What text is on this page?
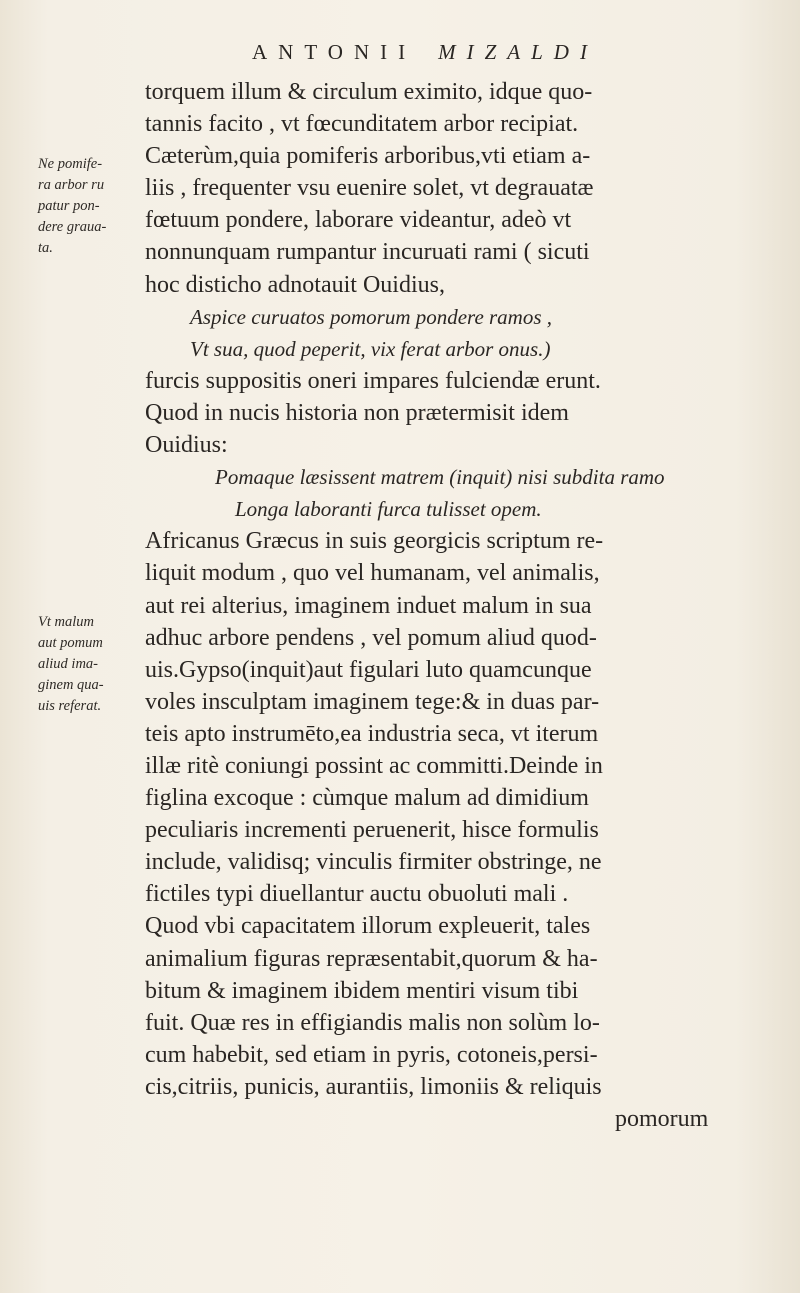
ANTONII MIZALDI
Ne pomife-
ra arbor ru
patur pon-
dere graua-
ta.
Vt malum
aut pomum
aliud ima-
ginem qua-
uis referat.
torquem illum & circulum eximito, idque quo-
tannis facito , vt fœcunditatem arbor recipiat.
Cæterùm,quia pomiferis arboribus,vti etiam a-
liis , frequenter vsu euenire solet, vt degrauatæ
fœtuum pondere, laborare videantur, adeò vt
nonnunquam rumpantur incuruati rami ( sicuti
hoc disticho adnotauit Ouidius,
Aspice curuatos pomorum pondere ramos ,
Vt sua, quod peperit, vix ferat arbor onus.)
furcis suppositis oneri impares fulciendæ erunt.
Quod in nucis historia non prætermisit idem
Ouidius:
Pomaque læsissent matrem (inquit) nisi subdita ramo
Longa laboranti furca tulisset opem.
Africanus Græcus in suis georgicis scriptum re-
liquit modum , quo vel humanam, vel animalis,
aut rei alterius, imaginem induet malum in sua
adhuc arbore pendens , vel pomum aliud quod-
uis.Gypso(inquit)aut figulari luto quamcunque
voles insculptam imaginem tege:& in duas par-
teis apto instrumēto,ea industria seca, vt iterum
illæ ritè coniungi possint ac committi.Deinde in
figlina excoque : cùmque malum ad dimidium
peculiaris incrementi peruenerit, hisce formulis
include, validisq; vinculis firmiter obstringe, ne
fictiles typi diuellantur auctu obuoluti mali .
Quod vbi capacitatem illorum expleuerit, tales
animalium figuras repræsentabit,quorum & ha-
bitum & imaginem ibidem mentiri visum tibi
fuit. Quæ res in effigiandis malis non solùm lo-
cum habebit, sed etiam in pyris, cotoneis,persi-
cis,citriis, punicis, aurantiis, limoniis & reliquis
pomorum
